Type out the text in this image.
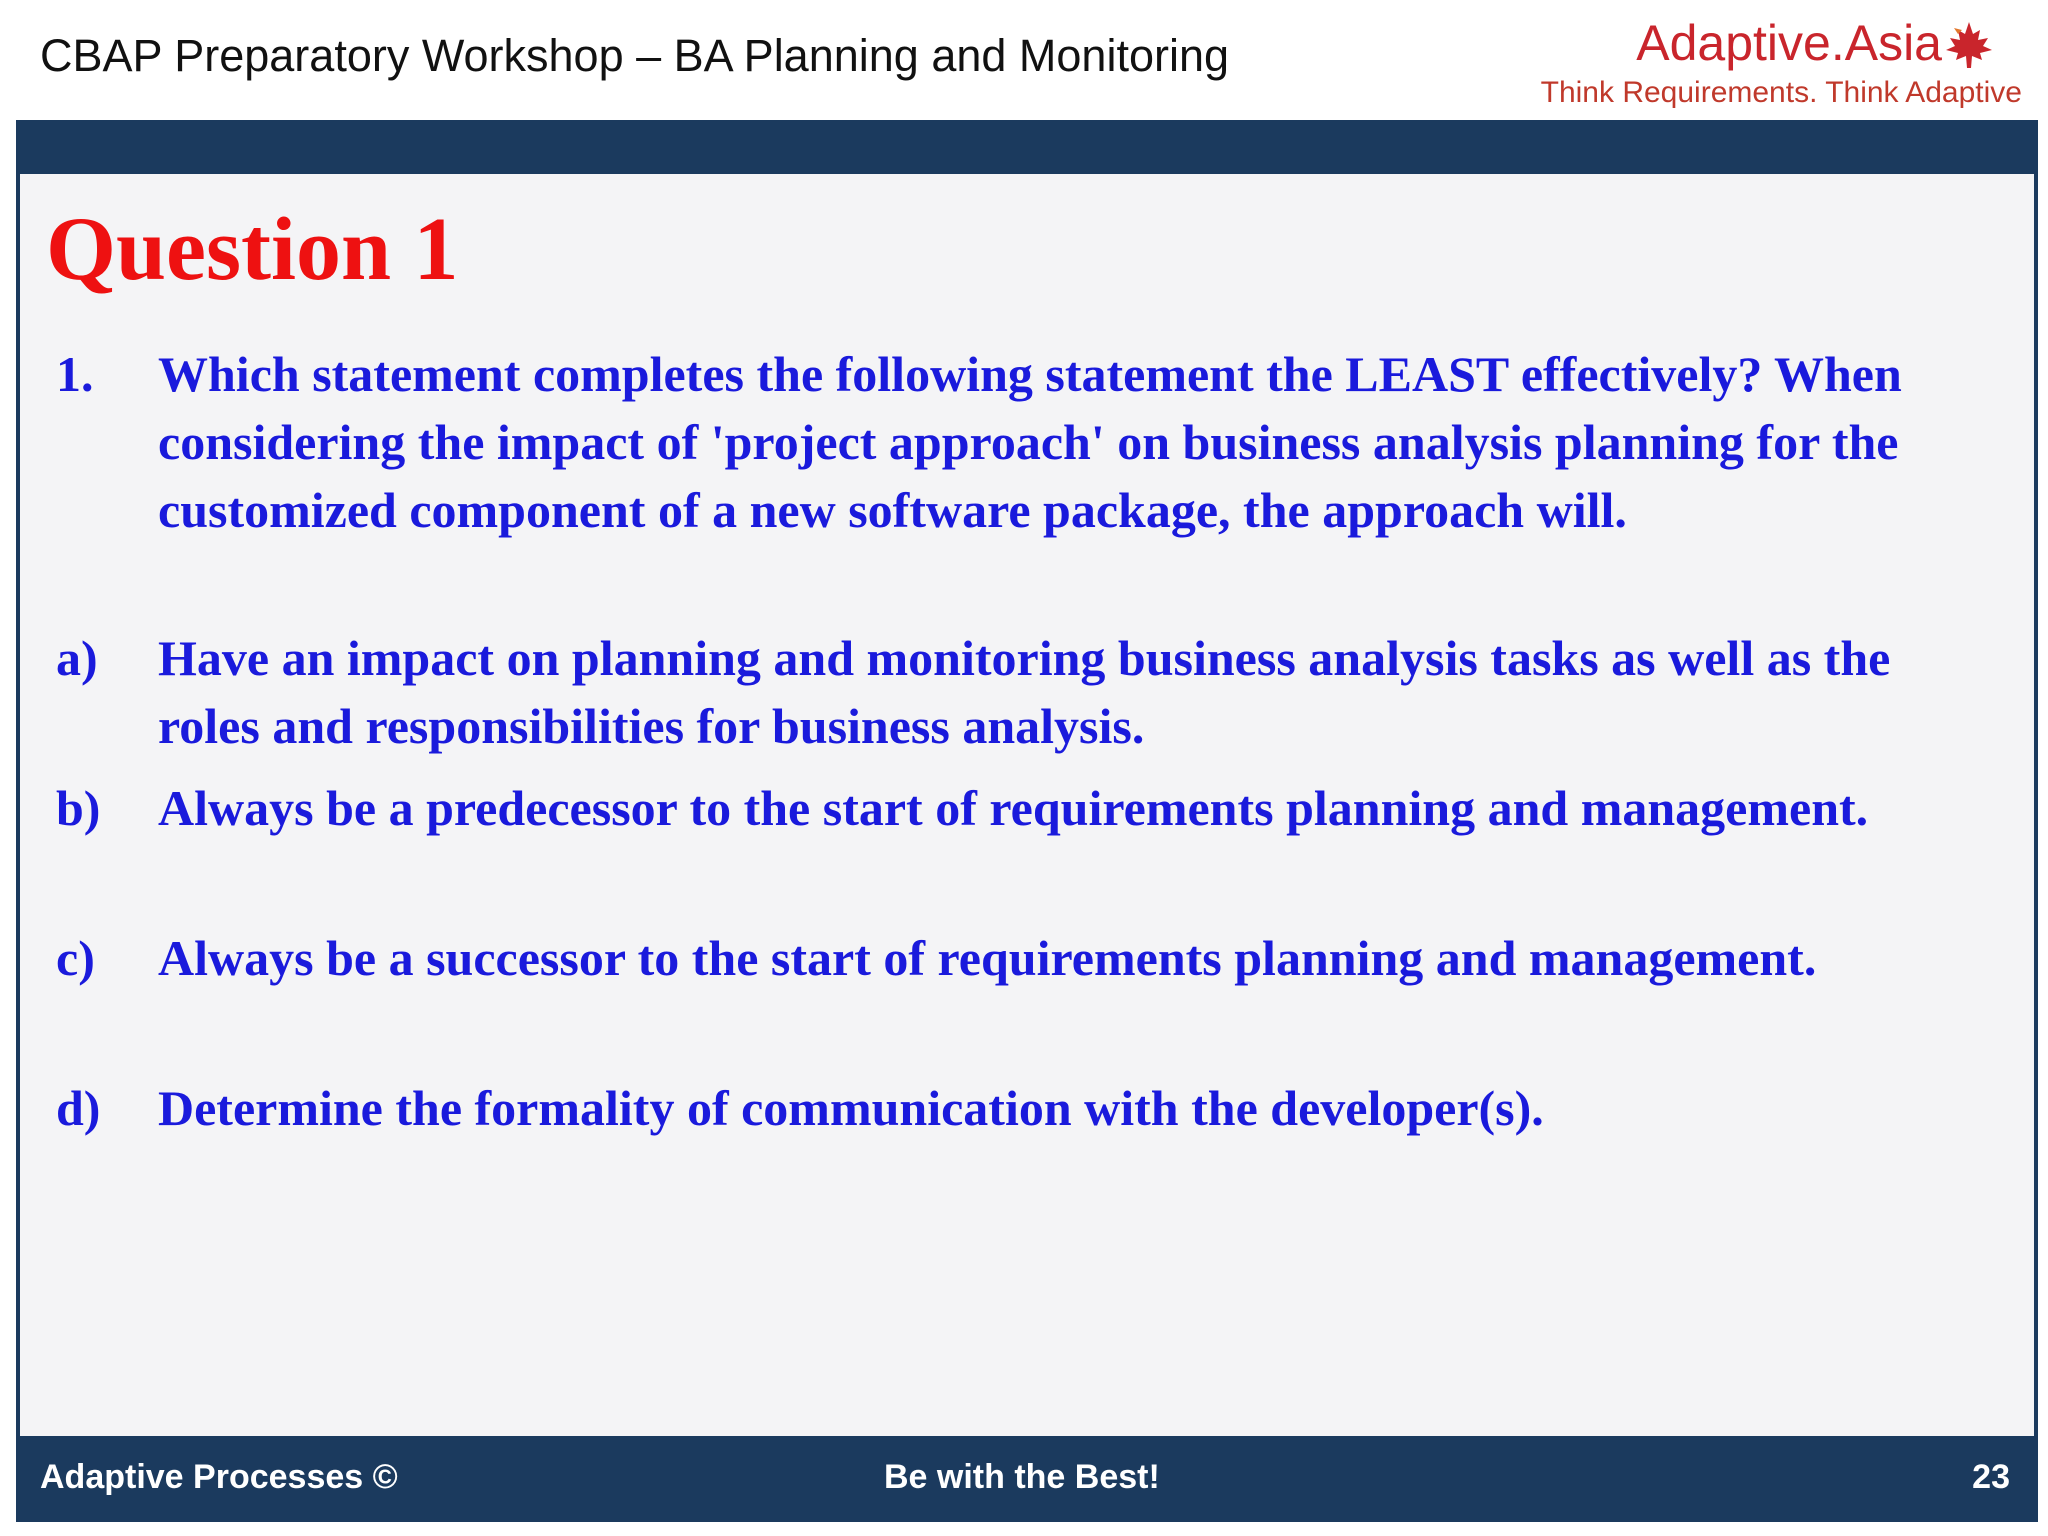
CBAP Preparatory Workshop – BA Planning and Monitoring	Adaptive.Asia
Think Requirements. Think Adaptive
Question 1
1. Which statement completes the following statement the LEAST effectively? When considering the impact of 'project approach' on business analysis planning for the customized component of a new software package, the approach will.
a) Have an impact on planning and monitoring business analysis tasks as well as the roles and responsibilities for business analysis.
b) Always be a predecessor to the start of requirements planning and management.
c) Always be a successor to the start of requirements planning and management.
d) Determine the formality of communication with the developer(s).
Adaptive Processes ©	Be with the Best!	23
